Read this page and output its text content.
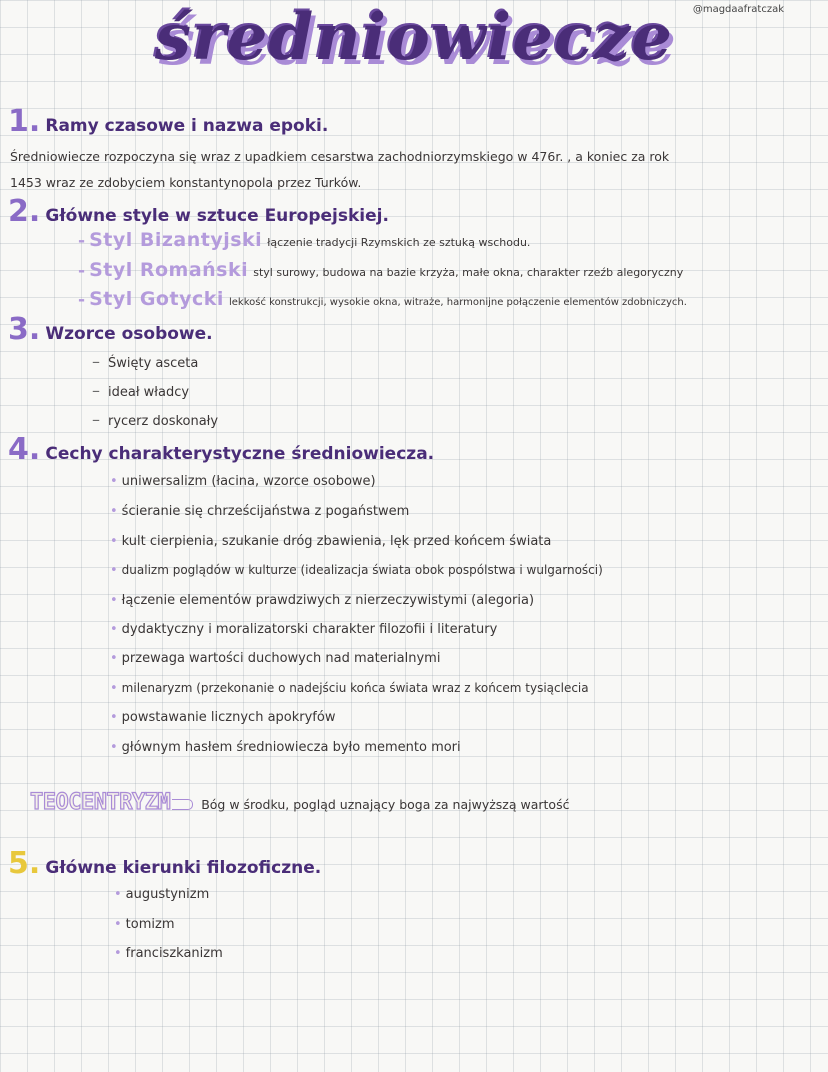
@magdaafratczak
średniowiecze
1. Ramy czasowe i nazwa epoki.
Średniowiecze rozpoczyna się wraz z upadkiem cesarstwa zachodniorzymskiego w 476r. , a koniec za rok
1453 wraz ze zdobyciem konstantynopola przez Turków.
2. Główne style w sztuce Europejskiej.
- Styl Bizantyjski łączenie tradycji Rzymskich ze sztuką wschodu.
- Styl Romański styl surowy, budowa na bazie krzyża, małe okna, charakter rzeźb alegoryczny
- Styl Gotycki lekkość konstrukcji, wysokie okna, witraże, harmonijne połączenie elementów zdobniczych.
3. Wzorce osobowe.
– Święty asceta
– ideał władcy
– rycerz doskonały
4. Cechy charakterystyczne średniowiecza.
• uniwersalizm (łacina, wzorce osobowe)
• ścieranie się chrześcijaństwa z pogaństwem
• kult cierpienia, szukanie dróg zbawienia, lęk przed końcem świata
• dualizm poglądów w kulturze (idealizacja świata obok pospólstwa i wulgarności)
• łączenie elementów prawdziwych z nierzeczywistymi (alegoria)
• dydaktyczny i moralizatorski charakter filozofii i literatury
• przewaga wartości duchowych nad materialnymi
• milenaryzm (przekonanie o nadejściu końca świata wraz z końcem tysiąclecia
• powstawanie licznych apokryfów
• głównym hasłem średniowiecza było memento mori
TEOCENTRYZM Bóg w środku, pogląd uznający boga za najwyższą wartość
5. Główne kierunki filozoficzne.
• augustynizm
• tomizm
• franciszkanizm
